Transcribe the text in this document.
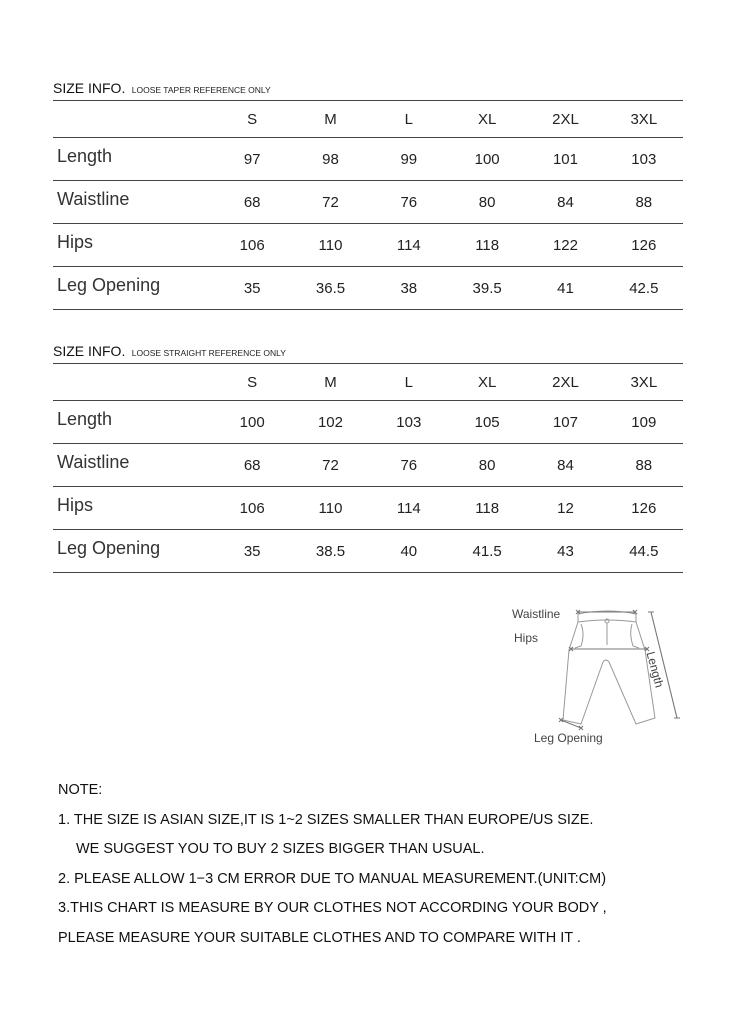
SIZE INFO. LOOSE TAPER REFERENCE ONLY
	S	M	L	XL	2XL	3XL
Length	97	98	99	100	101	103
Waistline	68	72	76	80	84	88
Hips	106	110	114	118	122	126
Leg Opening	35	36.5	38	39.5	41	42.5
SIZE INFO. LOOSE STRAIGHT REFERENCE ONLY
	S	M	L	XL	2XL	3XL
Length	100	102	103	105	107	109
Waistline	68	72	76	80	84	88
Hips	106	110	114	118	12	126
Leg Opening	35	38.5	40	41.5	43	44.5
Waistline
Hips
Length
Leg Opening
NOTE:
1. THE SIZE IS ASIAN SIZE,IT IS 1~2 SIZES SMALLER THAN EUROPE/US SIZE.
WE SUGGEST YOU TO BUY 2 SIZES BIGGER THAN USUAL.
2. PLEASE ALLOW 1−3 CM ERROR DUE TO MANUAL MEASUREMENT.(UNIT:CM)
3.THIS CHART IS MEASURE BY OUR CLOTHES NOT ACCORDING YOUR BODY ,
PLEASE MEASURE YOUR SUITABLE CLOTHES AND TO COMPARE WITH IT .
